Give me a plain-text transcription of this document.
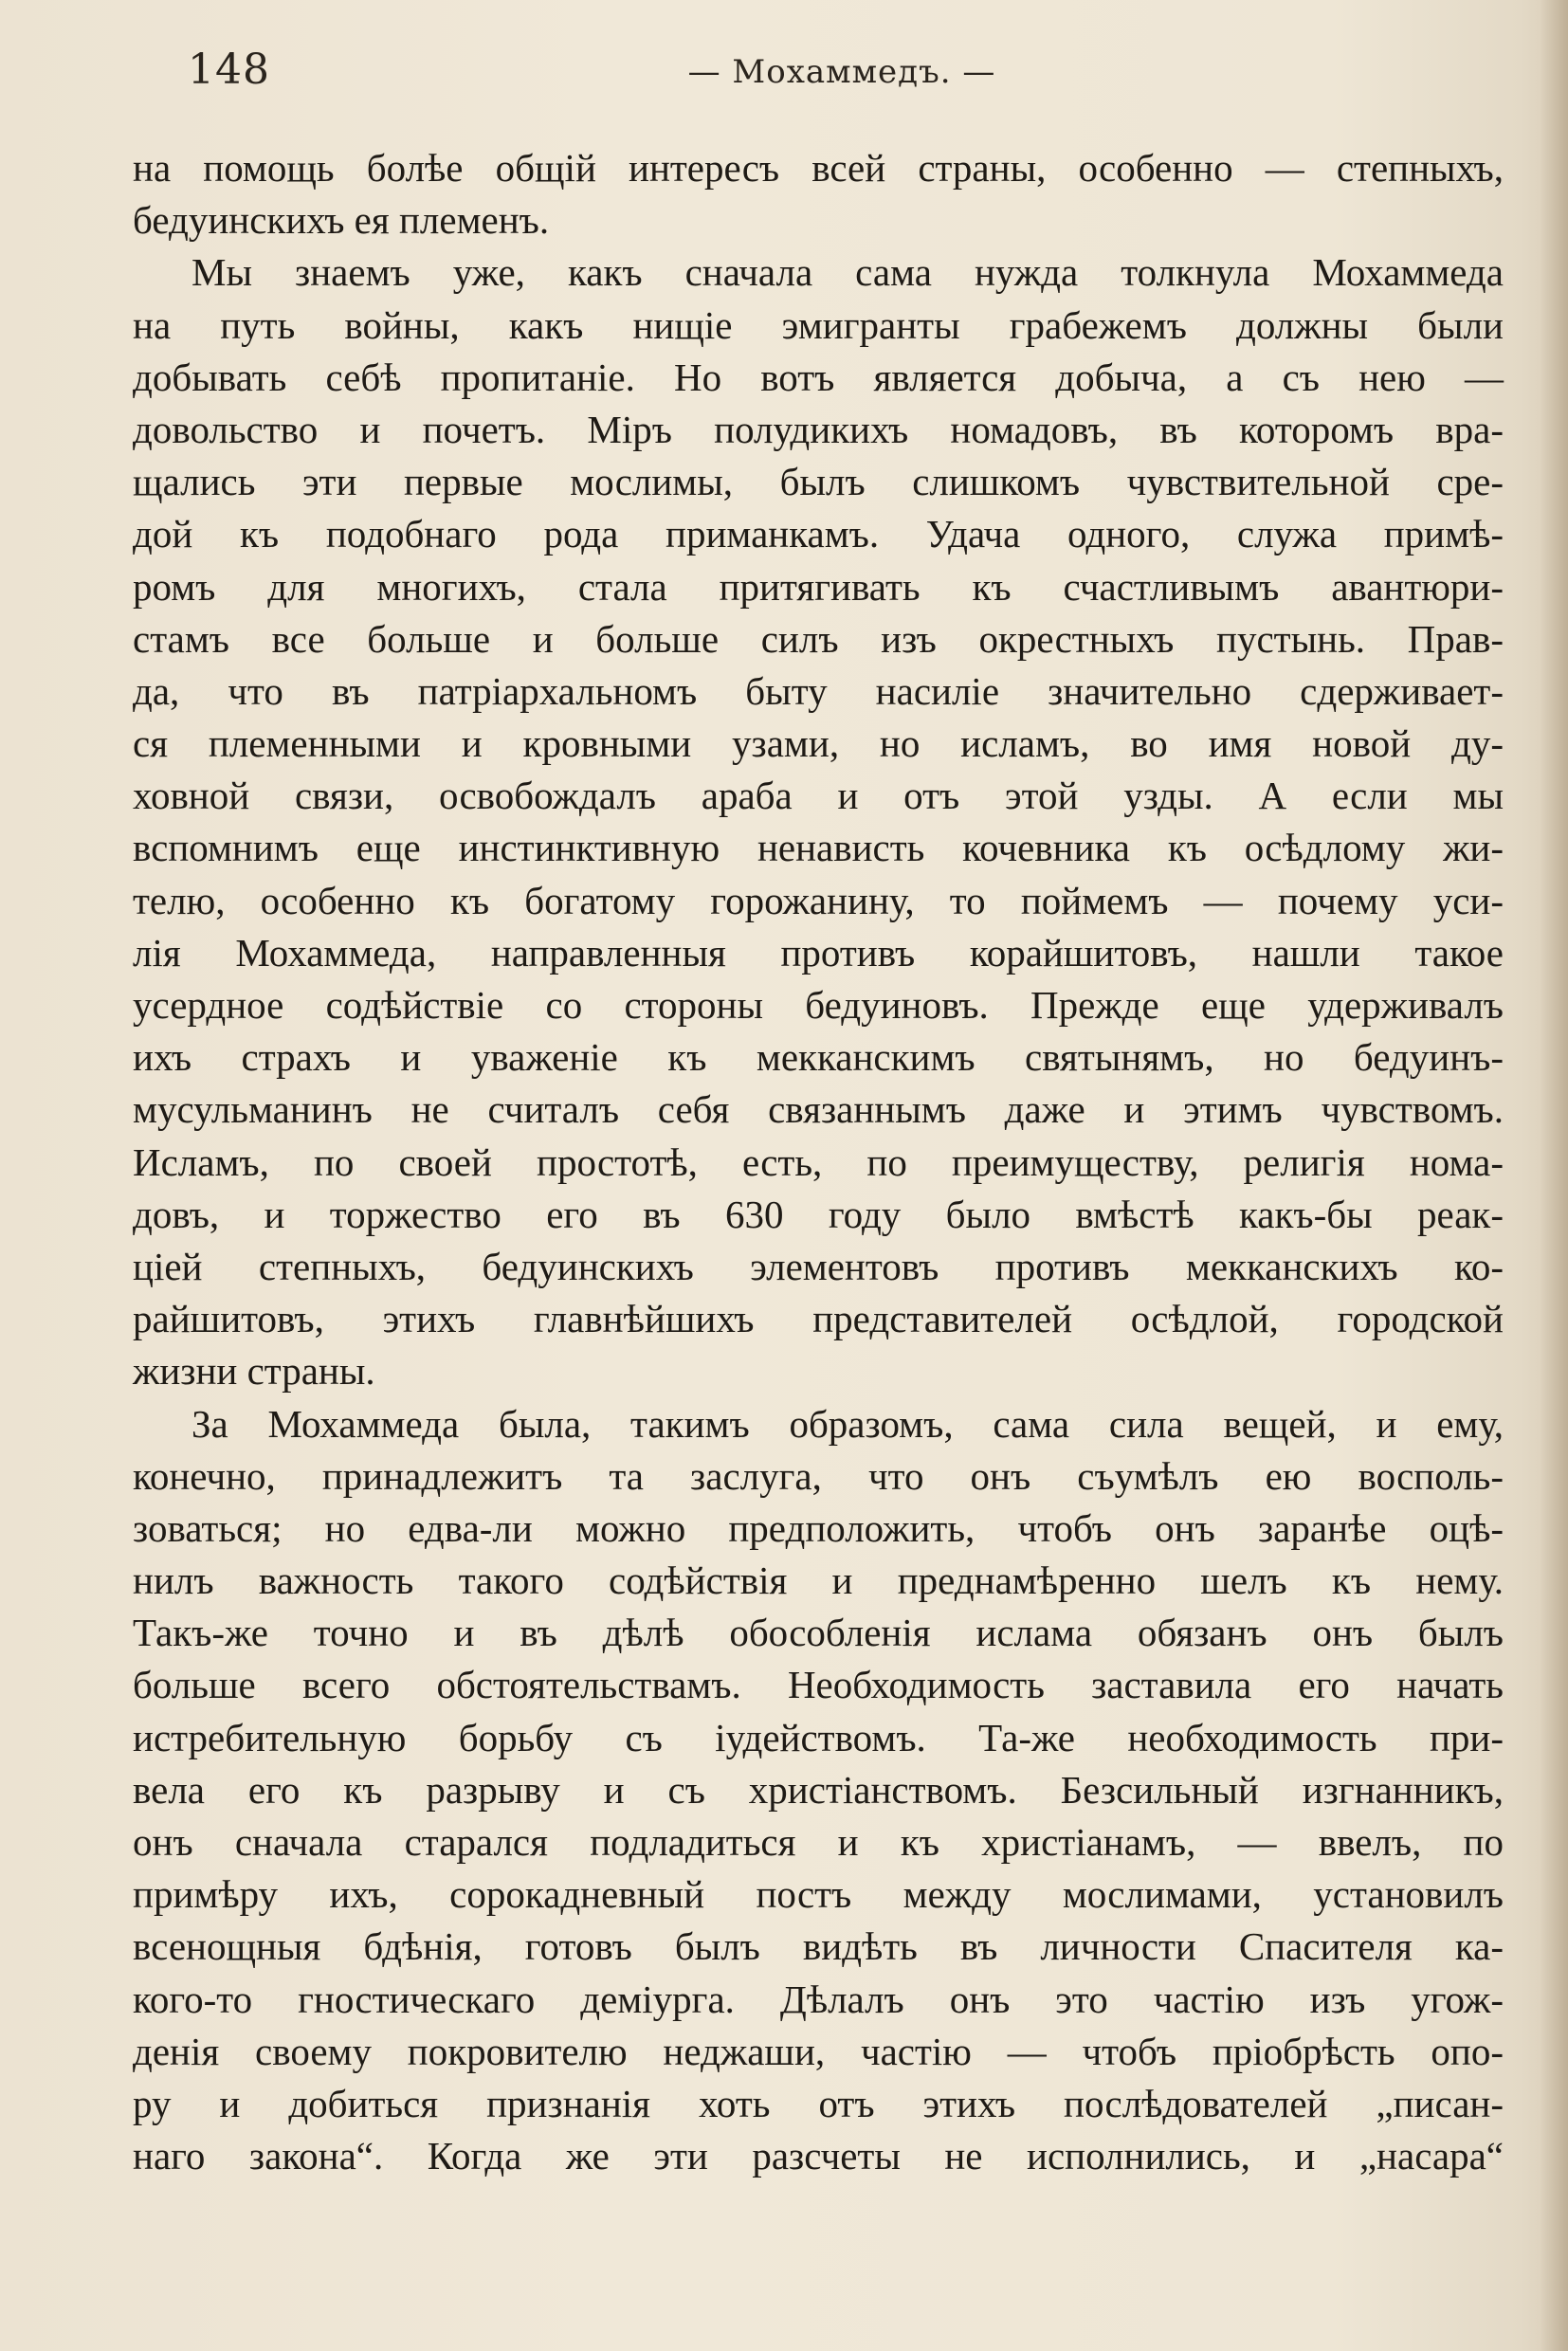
148	— Мохаммедъ. —
на помощь болѣе общій интересъ всей страны, особенно — степныхъ,
бедуинскихъ ея племенъ.
Мы знаемъ уже, какъ сначала сама нужда толкнула Мохаммеда
на путь войны, какъ нищіе эмигранты грабежемъ должны были
добывать себѣ пропитаніе. Но вотъ является добыча, а съ нею —
довольство и почетъ. Міръ полудикихъ номадовъ, въ которомъ вра-
щались эти первые мослимы, былъ слишкомъ чувствительной сре-
дой къ подобнаго рода приманкамъ. Удача одного, служа примѣ-
ромъ для многихъ, стала притягивать къ счастливымъ авантюри-
стамъ все больше и больше силъ изъ окрестныхъ пустынь. Прав-
да, что въ патріархальномъ быту насиліе значительно сдерживает-
ся племенными и кровными узами, но исламъ, во имя новой ду-
ховной связи, освобождалъ араба и отъ этой узды. А если мы
вспомнимъ еще инстинктивную ненависть кочевника къ осѣдлому жи-
телю, особенно къ богатому горожанину, то поймемъ — почему уси-
лія Мохаммеда, направленныя противъ корайшитовъ, нашли такое
усердное содѣйствіе со стороны бедуиновъ. Прежде еще удерживалъ
ихъ страхъ и уваженіе къ мекканскимъ святынямъ, но бедуинъ-
мусульманинъ не считалъ себя связаннымъ даже и этимъ чувствомъ.
Исламъ, по своей простотѣ, есть, по преимуществу, религія нома-
довъ, и торжество его въ 630 году было вмѣстѣ какъ-бы реак-
ціей степныхъ, бедуинскихъ элементовъ противъ мекканскихъ ко-
райшитовъ, этихъ главнѣйшихъ представителей осѣдлой, городской
жизни страны.
За Мохаммеда была, такимъ образомъ, сама сила вещей, и ему,
конечно, принадлежитъ та заслуга, что онъ съумѣлъ ею восполь-
зоваться; но едва-ли можно предположить, чтобъ онъ заранѣе оцѣ-
нилъ важность такого содѣйствія и преднамѣренно шелъ къ нему.
Такъ-же точно и въ дѣлѣ обособленія ислама обязанъ онъ былъ
больше всего обстоятельствамъ. Необходимость заставила его начать
истребительную борьбу съ іудействомъ. Та-же необходимость при-
вела его къ разрыву и съ христіанствомъ. Безсильный изгнанникъ,
онъ сначала старался подладиться и къ христіанамъ, — ввелъ, по
примѣру ихъ, сорокадневный постъ между мослимами, установилъ
всенощныя бдѣнія, готовъ былъ видѣть въ личности Спасителя ка-
кого-то гностическаго деміурга. Дѣлалъ онъ это частію изъ угож-
денія своему покровителю неджаши, частію — чтобъ пріобрѣсть опо-
ру и добиться признанія хоть отъ этихъ послѣдователей „писан-
наго закона“. Когда же эти разсчеты не исполнились, и „насара“
